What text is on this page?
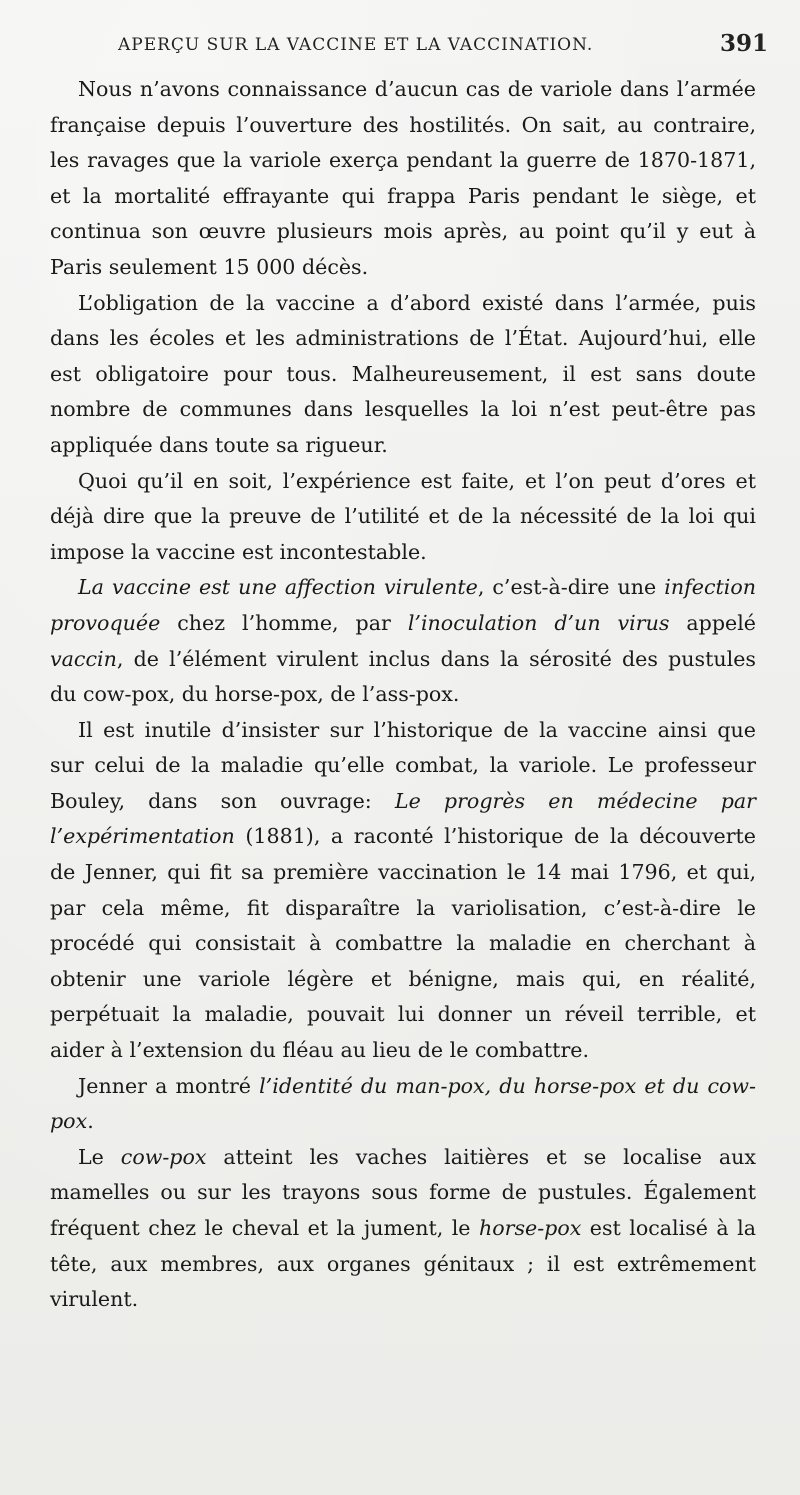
APERÇU SUR LA VACCINE ET LA VACCINATION.	391

Nous n’avons connaissance d’aucun cas de variole dans l’armée française depuis l’ouverture des hostilités. On sait, au contraire, les ravages que la variole exerça pendant la guerre de 1870-1871, et la mortalité effrayante qui frappa Paris pendant le siège, et continua son œuvre plusieurs mois après, au point qu’il y eut à Paris seulement 15 000 décès.

L’obligation de la vaccine a d’abord existé dans l’armée, puis dans les écoles et les administrations de l’État. Aujourd’hui, elle est obligatoire pour tous. Malheureusement, il est sans doute nombre de communes dans lesquelles la loi n’est peut-être pas appliquée dans toute sa rigueur.

Quoi qu’il en soit, l’expérience est faite, et l’on peut d’ores et déjà dire que la preuve de l’utilité et de la nécessité de la loi qui impose la vaccine est incontestable.

La vaccine est une affection virulente, c’est-à-dire une infection provoquée chez l’homme, par l’inoculation d’un virus appelé vaccin, de l’élément virulent inclus dans la sérosité des pustules du cow-pox, du horse-pox, de l’ass-pox.

Il est inutile d’insister sur l’historique de la vaccine ainsi que sur celui de la maladie qu’elle combat, la variole. Le professeur Bouley, dans son ouvrage: Le progrès en médecine par l’expérimentation (1881), a raconté l’historique de la découverte de Jenner, qui fit sa première vaccination le 14 mai 1796, et qui, par cela même, fit disparaître la variolisation, c’est-à-dire le procédé qui consistait à combattre la maladie en cherchant à obtenir une variole légère et bénigne, mais qui, en réalité, perpétuait la maladie, pouvait lui donner un réveil terrible, et aider à l’extension du fléau au lieu de le combattre.

Jenner a montré l’identité du man-pox, du horse-pox et du cow-pox.

Le cow-pox atteint les vaches laitières et se localise aux mamelles ou sur les trayons sous forme de pustules. Également fréquent chez le cheval et la jument, le horse-pox est localisé à la tête, aux membres, aux organes génitaux ; il est extrêmement virulent.
